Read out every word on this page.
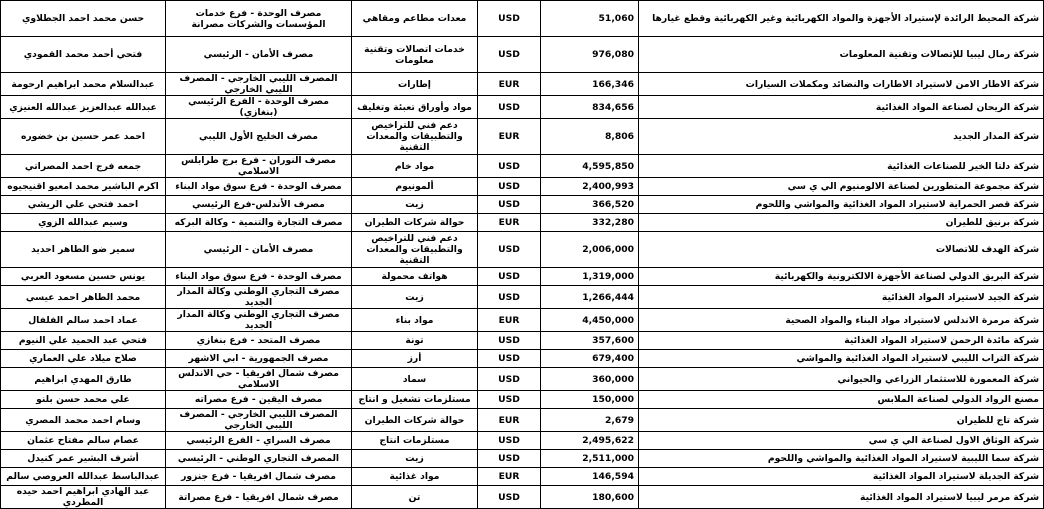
شركة المحيط الرائدة لإستيراد الأجهزة والمواد الكهربائية وغير الكهربائية وقطع غيارها	51,060	USD	معدات مطاعم ومقاهي	مصرف الوحدة - فرع خدمات المؤسسات والشركات مصرانة	حسن محمد احمد الجطلاوي
شركة رمال ليبيا للإتصالات وتقنية المعلومات	976,080	USD	خدمات اتصالات وتقنية معلومات	مصرف الأمان - الرئيسي	فتحي أحمد محمد القمودي
شركة الاطار الامن لاستيراد الاطارات والنضائد ومكملات السيارات	166,346	EUR	إطارات	المصرف الليبي الخارجي - المصرف الليبي الخارجي	عبدالسلام محمد ابراهيم ارحومة
شركة الريحان لصناعة المواد الغذائية	834,656	USD	مواد وأوراق تعبئة وتغليف	مصرف الوحدة - الفرع الرئيسي (بنغازي)	عبدالله عبدالعزيز عبدالله العنيزي
شركة المدار الجديد	8,806	EUR	دعم فني للتراخيص والتطبيقات والمعدات التقنية	مصرف الخليج الأول الليبي	احمد عمر حسين بن خضوره
شركة دلتا الخير للصناعات الغذائية	4,595,850	USD	مواد خام	مصرف النوران - فرع برج طرابلس الاسلامي	جمعه فرج احمد المصراتي
شركة مجموعة المتطورين لصناعة الالومنيوم الي ي سي	2,400,993	USD	ألمونيوم	مصرف الوحدة - فرع سوق مواد البناء	اكرم الباشير محمد امعيو اقنيجيوه
شركة قصر الحمراية لاستيراد المواد الغذائية والمواشي واللحوم	366,520	USD	زيت	مصرف الأندلس-فرع الرئيسي	احمد فتحي علي الريشي
شركة برنيق للطيران	332,280	EUR	حوالة شركات الطيران	مصرف التجارة والتنمية - وكالة البركه	وسيم عبدالله الزوي
شركة الهدف للاتصالات	2,006,000	USD	دعم فني للتراخيص والتطبيقات والمعدات التقنية	مصرف الأمان - الرئيسي	سمير ضو الطاهر احديد
شركة البريق الدولي لصناعة الأجهزة الالكترونية والكهربائية	1,319,000	USD	هواتف محمولة	مصرف الوحدة - فرع سوق مواد البناء	يونس حسين مسعود العربي
شركة الجيد لاستيراد المواد الغذائية	1,266,444	USD	زيت	مصرف التجاري الوطني وكالة المدار الجديد	محمد الطاهر احمد عيسي
شركة مرمرة الاندلس لاستيراد مواد البناء والمواد الصحية	4,450,000	EUR	مواد بناء	مصرف التجاري الوطني وكالة المدار الجديد	عماد احمد سالم الفلفال
شركة مائدة الرحمن لاستيراد المواد الغذائية	357,600	USD	تونة	مصرف المتحد - فرع بنغازي	فتحي عبد الحميد علي النيوم
شركة التراب الليبي لاستيراد المواد الغذائية والمواشي	679,400	USD	أرز	مصرف الجمهورية - ابي الاشهر	صلاح ميلاد علي العماري
شركة المعمورة للاستثمار الزراعي والحيواني	360,000	USD	سماد	مصرف شمال افريقيا - حي الاندلس الاسلامي	طارق المهدي ابراهيم
مصنع الرواد الدولي لصناعة الملابس	150,000	USD	مستلزمات تشغيل و انتاج	مصرف اليقين - فرع مصراته	علي محمد حسن بلنو
شركة تاج للطيران	2,679	EUR	حوالة شركات الطيران	المصرف الليبي الخارجي - المصرف الليبي الخارجي	وسام احمد محمد المصري
شركة الوثاق الاول لصناعة الي ي سي	2,495,622	USD	مستلزمات انتاج	مصرف السراي - الفرع الرئيسي	عصام سالم مفتاح عثمان
شركة سما الليبية لاستيراد المواد الغذائية والمواشي واللحوم	2,511,000	USD	زيت	المصرف التجاري الوطني - الرئيسي	أشرف البشير عمر كنيدل
شركة الجديلة لاستيراد المواد الغذائية	146,594	EUR	مواد غذائية	مصرف شمال افريقيا - فرع جنزور	عبدالباسط عبدالله العروصي سالم
شركة مرمر ليبيا لاستيراد المواد الغذائية	180,600	USD	تن	مصرف شمال افريقيا - فرع مصراتة	عبد الهادي ابراهيم احمد حيده المطردي
